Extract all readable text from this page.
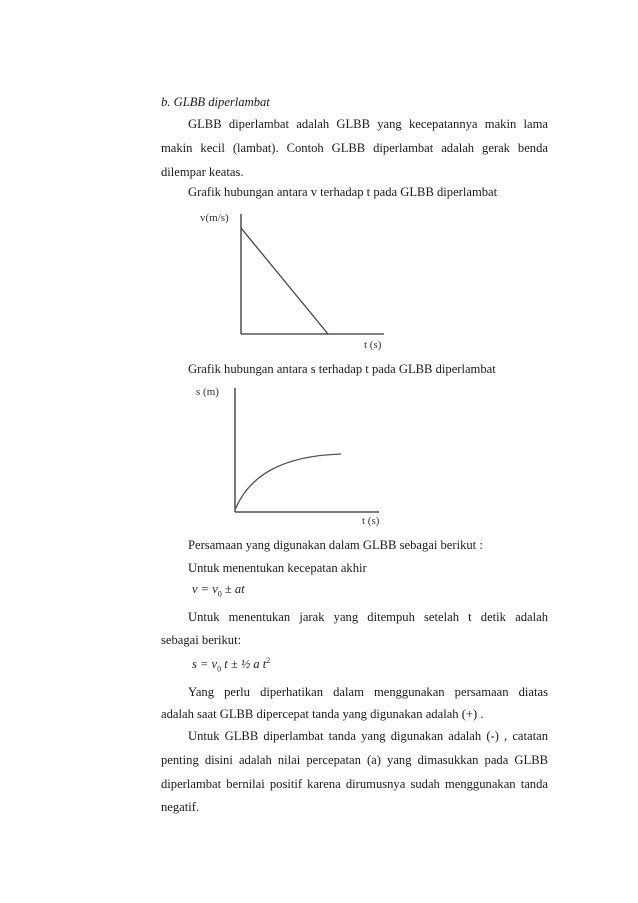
b. GLBB diperlambat
GLBB diperlambat adalah GLBB yang kecepatannya makin lama
makin kecil (lambat). Contoh GLBB diperlambat adalah gerak benda
dilempar keatas.
Grafik hubungan antara v terhadap t pada GLBB diperlambat
v(m/s)
t (s)
Grafik hubungan antara s terhadap t pada GLBB diperlambat
s (m)
t (s)
Persamaan yang digunakan dalam GLBB sebagai berikut :
Untuk menentukan kecepatan akhir
$v = v_0$ ± at
Untuk menentukan jarak yang ditempuh setelah t detik adalah
sebagai berikut:
$s = v_0$ t ± ½ a $t^2$
Yang perlu diperhatikan dalam menggunakan persamaan diatas
adalah saat GLBB dipercepat tanda yang digunakan adalah (+) .
Untuk GLBB diperlambat tanda yang digunakan adalah (-) , catatan
penting disini adalah nilai percepatan (a) yang dimasukkan pada GLBB
diperlambat bernilai positif karena dirumusnya sudah menggunakan tanda
negatif.
